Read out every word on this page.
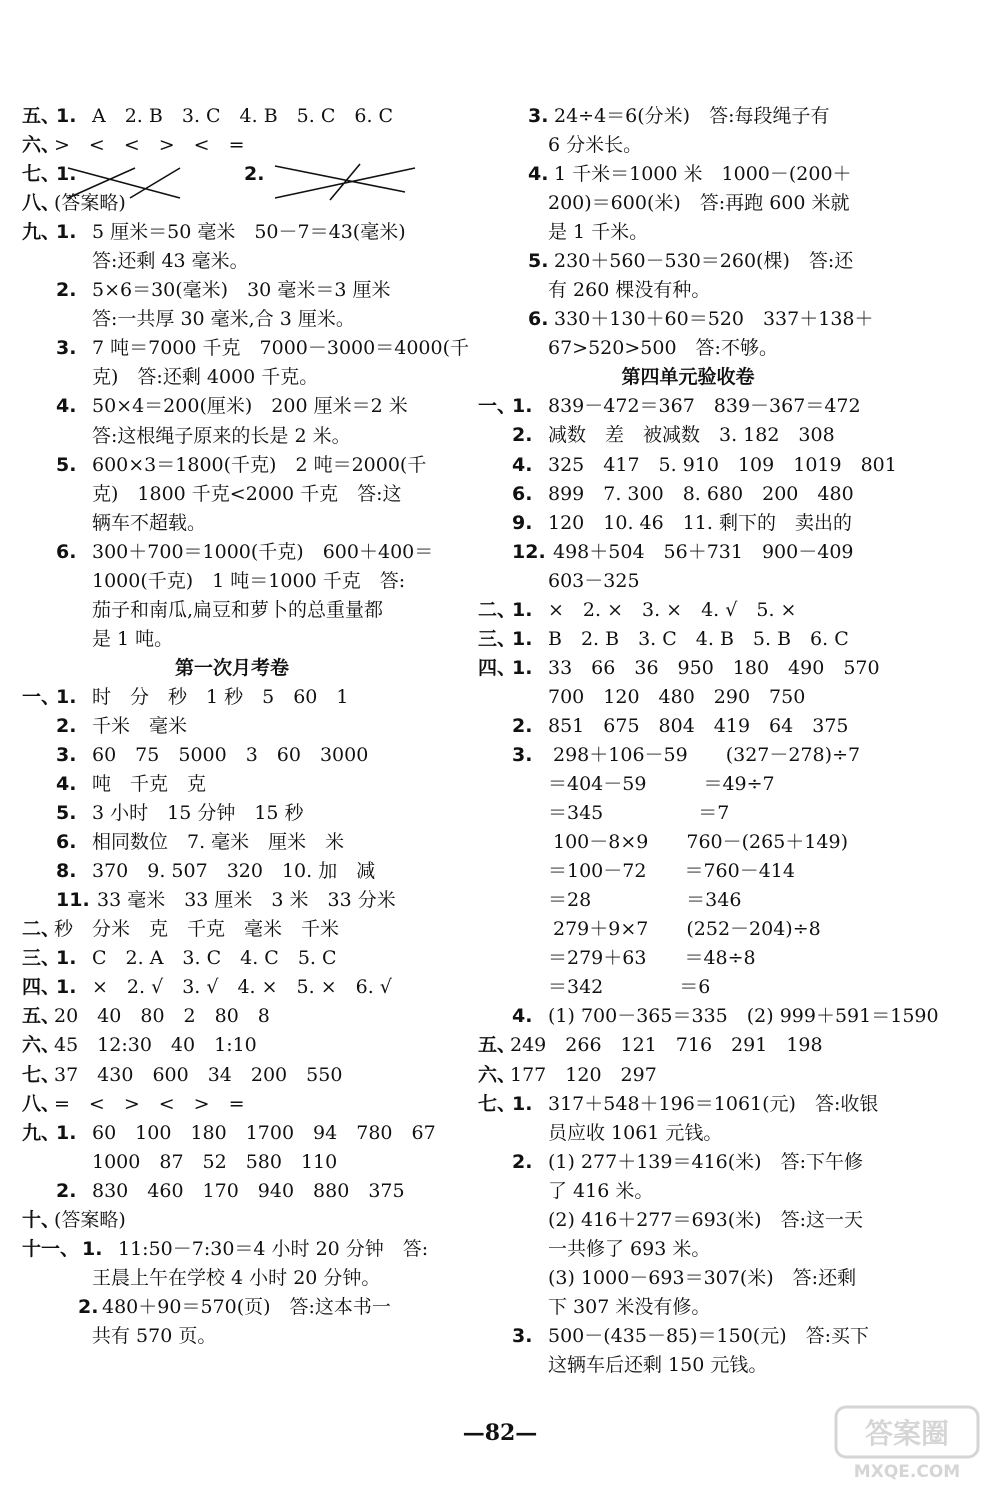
五、
1. A　2. B　3. C　4. B　5. C　6. C
六、
>　<　<　>　<　=
七、
1.	2.
八、
(答案略)
九、
1. 5 厘米＝50 毫米　50－7＝43(毫米)
答:还剩 43 毫米。
2. 5×6＝30(毫米)　30 毫米＝3 厘米
答:一共厚 30 毫米,合 3 厘米。
3. 7 吨＝7000 千克　7000－3000＝4000(千
克)　答:还剩 4000 千克。
4. 50×4＝200(厘米)　200 厘米＝2 米
答:这根绳子原来的长是 2 米。
5. 600×3＝1800(千克)　2 吨＝2000(千
克)　1800 千克<2000 千克　答:这
辆车不超载。
6. 300＋700＝1000(千克)　600＋400＝
1000(千克)　1 吨＝1000 千克　答:
茄子和南瓜,扁豆和萝卜的总重量都
是 1 吨。
第一次月考卷
一、
1. 时　分　秒　1 秒　5　60　1
2. 千米　毫米
3. 60　75　5000　3　60　3000
4. 吨　千克　克
5. 3 小时　15 分钟　15 秒
6. 相同数位　7. 毫米　厘米　米
8. 370　9. 507　320　10. 加　减
11. 33 毫米　33 厘米　3 米　33 分米
二、
秒　分米　克　千克　毫米　千米
三、
1. C　2. A　3. C　4. C　5. C
四、
1. ×　2. √　3. √　4. ×　5. ×　6. √
五、
20　40　80　2　80　8
六、
45　12:30　40　1:10
七、
37　430　600　34　200　550
八、
=　<　>　<　>　=
九、
1. 60　100　180　1700　94　780　67
1000　87　52　580　110
2. 830　460　170　940　880　375
十、
(答案略)
十一、 1. 11:50－7:30＝4 小时 20 分钟　答:
王晨上午在学校 4 小时 20 分钟。
2. 480＋90＝570(页)　答:这本书一
共有 570 页。
3. 24÷4＝6(分米)　答:每段绳子有
6 分米长。
4. 1 千米＝1000 米　1000－(200＋
200)＝600(米)　答:再跑 600 米就
是 1 千米。
5. 230＋560－530＝260(棵)　答:还
有 260 棵没有种。
6. 330＋130＋60＝520　337＋138＋
67>520>500　答:不够。
第四单元验收卷
一、
1. 839－472＝367　839－367＝472
2. 减数　差　被减数　3. 182　308
4. 325　417　5. 910　109　1019　801
6. 899　7. 300　8. 680　200　480
9. 120　10. 46　11. 剩下的　卖出的
12. 498＋504　56＋731　900－409
603－325
二、
1. ×　2. ×　3. ×　4. √　5. ×
三、
1. B　2. B　3. C　4. B　5. B　6. C
四、
1. 33　66　36　950　180　490　570
700　120　480　290　750
2. 851　675　804　419　64　375
3. 298＋106－59　　(327－278)÷7
＝404－59　　　＝49÷7
＝345　　　　　＝7
100－8×9　　760－(265＋149)
＝100－72　　＝760－414
＝28　　　　　＝346
279＋9×7　　(252－204)÷8
＝279＋63　　＝48÷8
＝342　　　　＝6
4. (1) 700－365＝335　(2) 999＋591＝1590
五、
249　266　121　716　291　198
六、
177　120　297
七、
1. 317＋548＋196＝1061(元)　答:收银
员应收 1061 元钱。
2. (1) 277＋139＝416(米)　答:下午修
了 416 米。
(2) 416＋277＝693(米)　答:这一天
一共修了 693 米。
(3) 1000－693＝307(米)　答:还剩
下 307 米没有修。
3. 500－(435－85)＝150(元)　答:买下
这辆车后还剩 150 元钱。
—82—	答案圈
MXQE.COM
